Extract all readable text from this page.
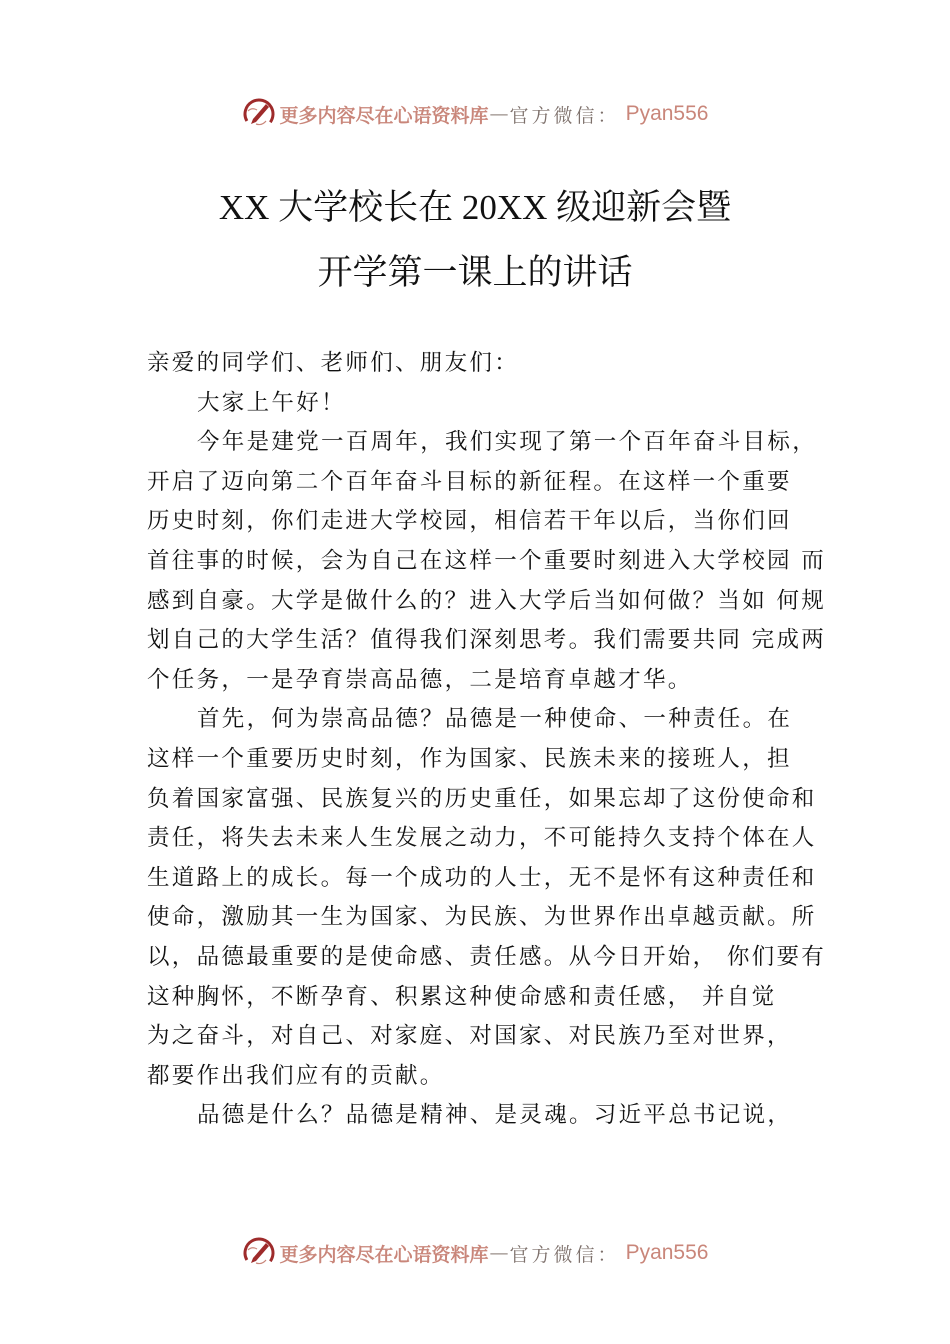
更多内容尽在心语资料库 — 官方微信： Pyan556
XX 大学校长在 20XX 级迎新会暨
开学第一课上的讲话
亲爱的同学们、老师们、朋友们：
大家上午好！
今年是建党一百周年，我们实现了第一个百年奋斗目标，
开启了迈向第二个百年奋斗目标的新征程。在这样一个重要
历史时刻，你们走进大学校园，相信若干年以后，当你们回
首往事的时候，会为自己在这样一个重要时刻进入大学校园 而
感到自豪。大学是做什么的？进入大学后当如何做？当如 何规
划自己的大学生活？值得我们深刻思考。我们需要共同 完成两
个任务，一是孕育崇高品德，二是培育卓越才华。
首先，何为崇高品德？品德是一种使命、一种责任。在
这样一个重要历史时刻，作为国家、民族未来的接班人，担
负着国家富强、民族复兴的历史重任，如果忘却了这份使命和
责任，将失去未来人生发展之动力，不可能持久支持个体在人
生道路上的成长。每一个成功的人士，无不是怀有这种责任和
使命，激励其一生为国家、为民族、为世界作出卓越贡献。所
以，品德最重要的是使命感、责任感。从今日开始， 你们要有
这种胸怀，不断孕育、积累这种使命感和责任感， 并自觉
为之奋斗，对自己、对家庭、对国家、对民族乃至对世界，
都要作出我们应有的贡献。
品德是什么？品德是精神、是灵魂。习近平总书记说，
更多内容尽在心语资料库 — 官方微信： Pyan556
